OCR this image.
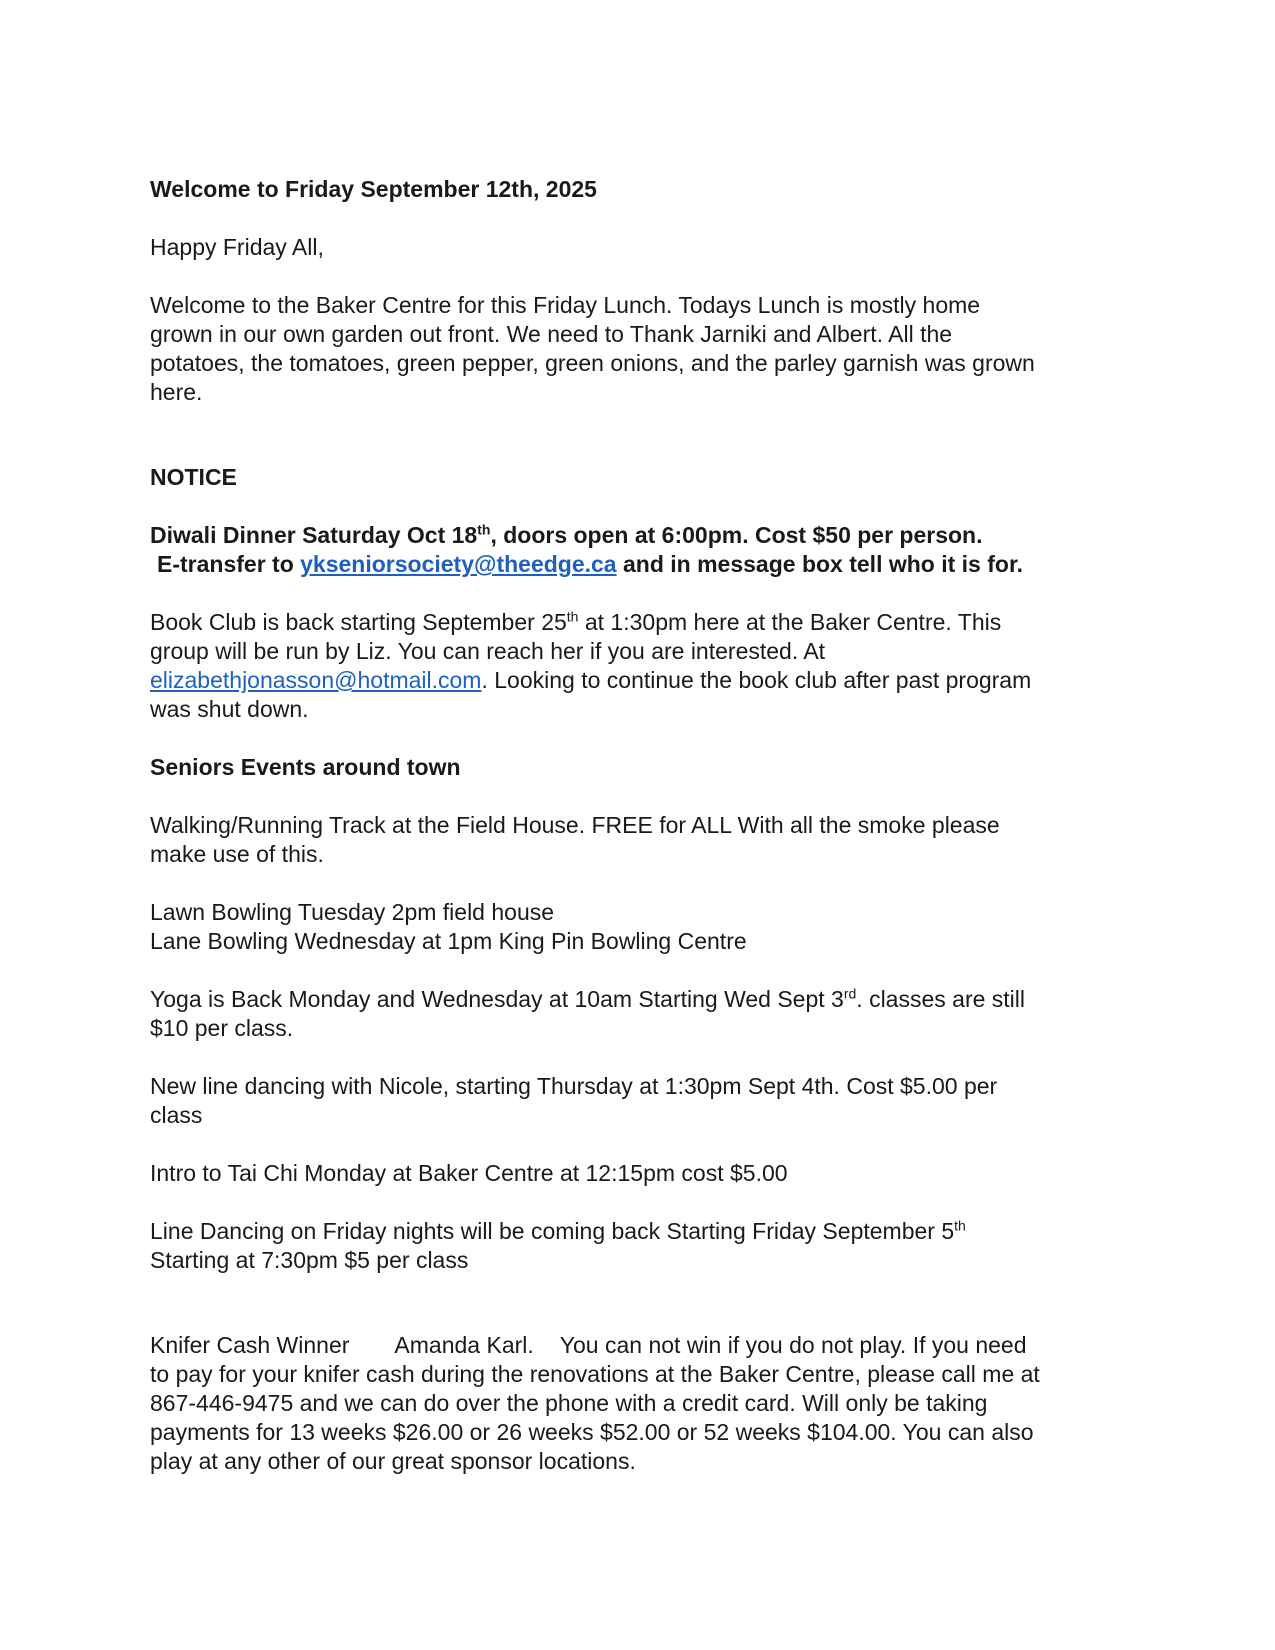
Welcome to Friday September 12th, 2025

Happy Friday All,

Welcome to the Baker Centre for this Friday Lunch. Todays Lunch is mostly home

grown in our own garden out front. We need to Thank Jarniki and Albert. All the

potatoes, the tomatoes, green pepper, green onions, and the parley garnish was grown

here.

NOTICE

Diwali Dinner Saturday Oct 18th, doors open at 6:00pm. Cost $50 per person.

E-transfer to ykseniorsociety@theedge.ca and in message box tell who it is for.

Book Club is back starting September 25th at 1:30pm here at the Baker Centre. This

group will be run by Liz. You can reach her if you are interested. At

elizabethjonasson@hotmail.com. Looking to continue the book club after past program

was shut down.

Seniors Events around town

Walking/Running Track at the Field House. FREE for ALL With all the smoke please

make use of this.

Lawn Bowling Tuesday 2pm field house

Lane Bowling Wednesday at 1pm King Pin Bowling Centre

Yoga is Back Monday and Wednesday at 10am Starting Wed Sept 3rd. classes are still

$10 per class.

New line dancing with Nicole, starting Thursday at 1:30pm Sept 4th. Cost $5.00 per

class

Intro to Tai Chi Monday at Baker Centre at 12:15pm cost $5.00

Line Dancing on Friday nights will be coming back Starting Friday September 5th

Starting at 7:30pm $5 per class

Knifer Cash Winner Amanda Karl. You can not win if you do not play. If you need

to pay for your knifer cash during the renovations at the Baker Centre, please call me at

867-446-9475 and we can do over the phone with a credit card. Will only be taking

payments for 13 weeks $26.00 or 26 weeks $52.00 or 52 weeks $104.00. You can also

play at any other of our great sponsor locations.
